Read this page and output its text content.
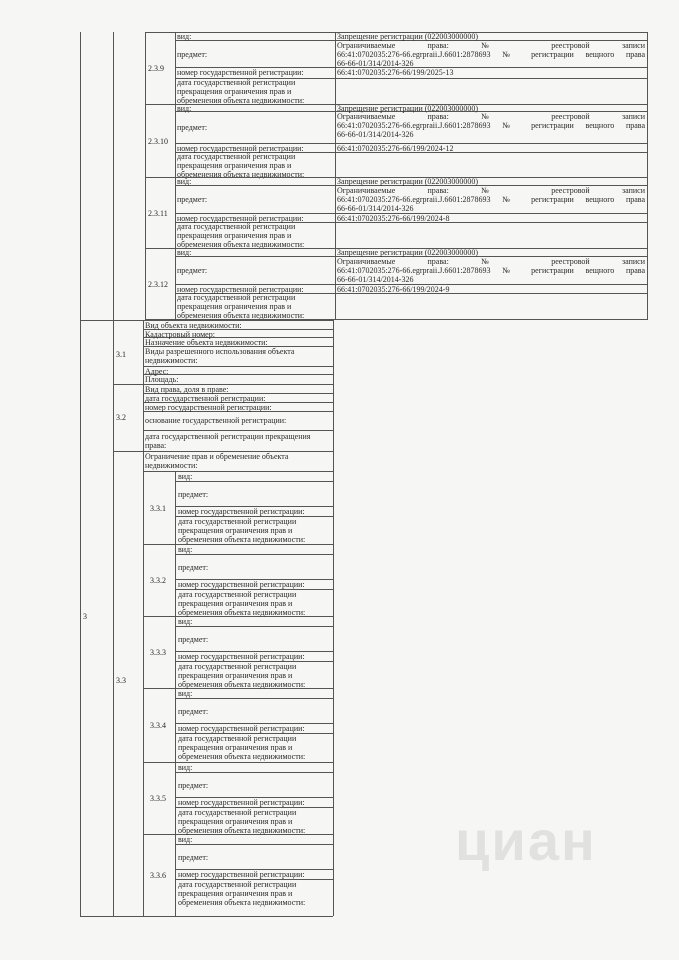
2.3.9
вид:	Запрещение регистрации (022003000000)
предмет:
Ограничиваемые права: № реестровой записи
66:41:0702035:276-66.egrpraii.J.6601:2878693 № регистрации вещного права
66-66-01/314/2014-326
номер государственной регистрации:	66:41:0702035:276-66/199/2025-13
дата государственной регистрации прекращения ограничения прав и обременения объекта недвижимости:
2.3.10
вид:	Запрещение регистрации (022003000000)
предмет:
Ограничиваемые права: № реестровой записи
66:41:0702035:276-66.egrpraii.J.6601:2878693 № регистрации вещного права
66-66-01/314/2014-326
номер государственной регистрации:	66:41:0702035:276-66/199/2024-12
дата государственной регистрации прекращения ограничения прав и обременения объекта недвижимости:
2.3.11
вид:	Запрещение регистрации (022003000000)
предмет:
Ограничиваемые права: № реестровой записи
66:41:0702035:276-66.egrpraii.J.6601:2878693 № регистрации вещного права
66-66-01/314/2014-326
номер государственной регистрации:	66:41:0702035:276-66/199/2024-8
дата государственной регистрации прекращения ограничения прав и обременения объекта недвижимости:
2.3.12
вид:	Запрещение регистрации (022003000000)
предмет:
Ограничиваемые права: № реестровой записи
66:41:0702035:276-66.egrpraii.J.6601:2878693 № регистрации вещного права
66-66-01/314/2014-326
номер государственной регистрации:	66:41:0702035:276-66/199/2024-9
дата государственной регистрации прекращения ограничения прав и обременения объекта недвижимости:
3
Вид объекта недвижимости:
Кадастровый номер:
Назначение объекта недвижимости:
Виды разрешенного использования объекта недвижимости:
Адрес:
Площадь:
3.1
Вид права, доля в праве:
дата государственной регистрации:
номер государственной регистрации:
основание государственной регистрации:
дата государственной регистрации прекращения права:
3.2
Ограничение прав и обременение объекта недвижимости:
3.3
3.3.1
вид:
предмет:
номер государственной регистрации:
дата государственной регистрации прекращения ограничения прав и обременения объекта недвижимости:
3.3.2
вид:
предмет:
номер государственной регистрации:
дата государственной регистрации прекращения ограничения прав и обременения объекта недвижимости:
3.3.3
вид:
предмет:
номер государственной регистрации:
дата государственной регистрации прекращения ограничения прав и обременения объекта недвижимости:
3.3.4
вид:
предмет:
номер государственной регистрации:
дата государственной регистрации прекращения ограничения прав и обременения объекта недвижимости:
3.3.5
вид:
предмет:
номер государственной регистрации:
дата государственной регистрации прекращения ограничения прав и обременения объекта недвижимости:
3.3.6
вид:
предмет:
номер государственной регистрации:
дата государственной регистрации прекращения ограничения прав и обременения объекта недвижимости:
циан
